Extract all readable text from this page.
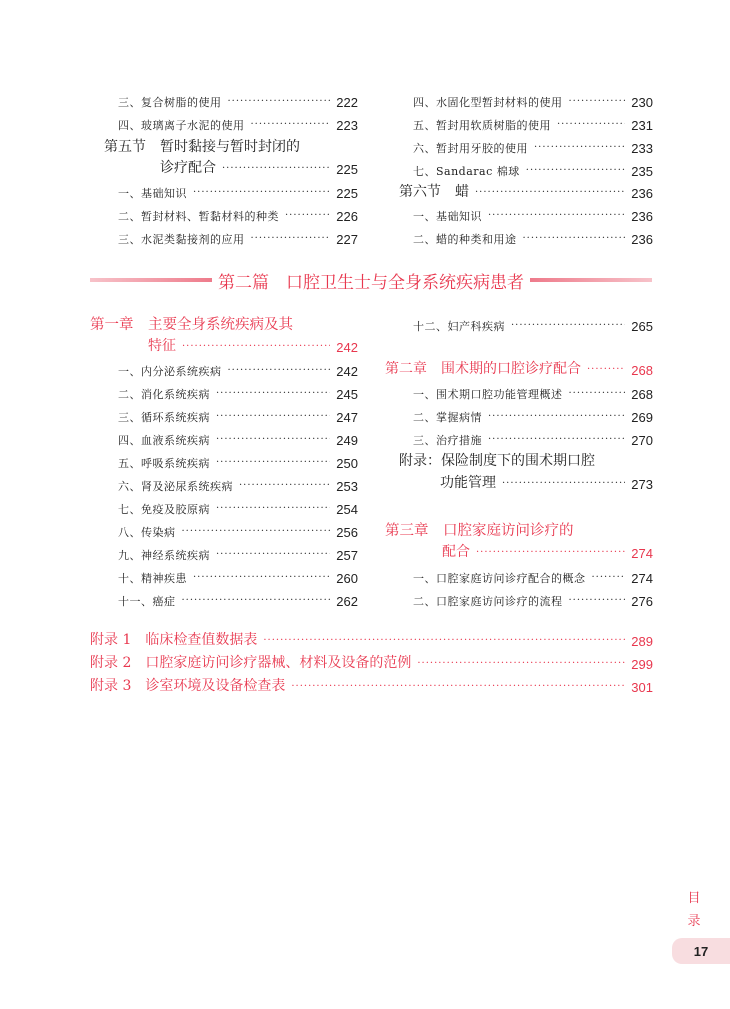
三、复合树脂的使用 ·····	222
四、玻璃离子水泥的使用 ·····	223
第五节　暂时黏接与暂时封闭的
诊疗配合 ·····	225
一、基础知识 ·····	225
二、暂封材料、暂黏材料的种类 ·····	226
三、水泥类黏接剂的应用 ·····	227
四、水固化型暂封材料的使用 ·····	230
五、暂封用软质树脂的使用 ·····	231
六、暂封用牙胶的使用 ·····	233
七、Sandarac 棉球 ·····	235
第六节　蜡 ·····	236
一、基础知识 ·····	236
二、蜡的种类和用途 ·····	236
第二篇　口腔卫生士与全身系统疾病患者
第一章　主要全身系统疾病及其
特征 ·····	242
一、内分泌系统疾病 ·····	242
二、消化系统疾病 ·····	245
三、循环系统疾病 ·····	247
四、血液系统疾病 ·····	249
五、呼吸系统疾病 ·····	250
六、肾及泌尿系统疾病 ·····	253
七、免疫及胶原病 ·····	254
八、传染病 ·····	256
九、神经系统疾病 ·····	257
十、精神疾患 ·····	260
十一、癌症 ·····	262
十二、妇产科疾病 ·····	265
第二章　围术期的口腔诊疗配合 ·····	268
一、围术期口腔功能管理概述 ·····	268
二、掌握病情 ·····	269
三、治疗措施 ·····	270
附录：保险制度下的围术期口腔
功能管理 ·····	273
第三章　口腔家庭访问诊疗的
配合 ·····	274
一、口腔家庭访问诊疗配合的概念 ·····	274
二、口腔家庭访问诊疗的流程 ·····	276
附录 1　临床检查值数据表 ·····	289
附录 2　口腔家庭访问诊疗器械、材料及设备的范例 ·····	299
附录 3　诊室环境及设备检查表 ·····	301
目
录
17
